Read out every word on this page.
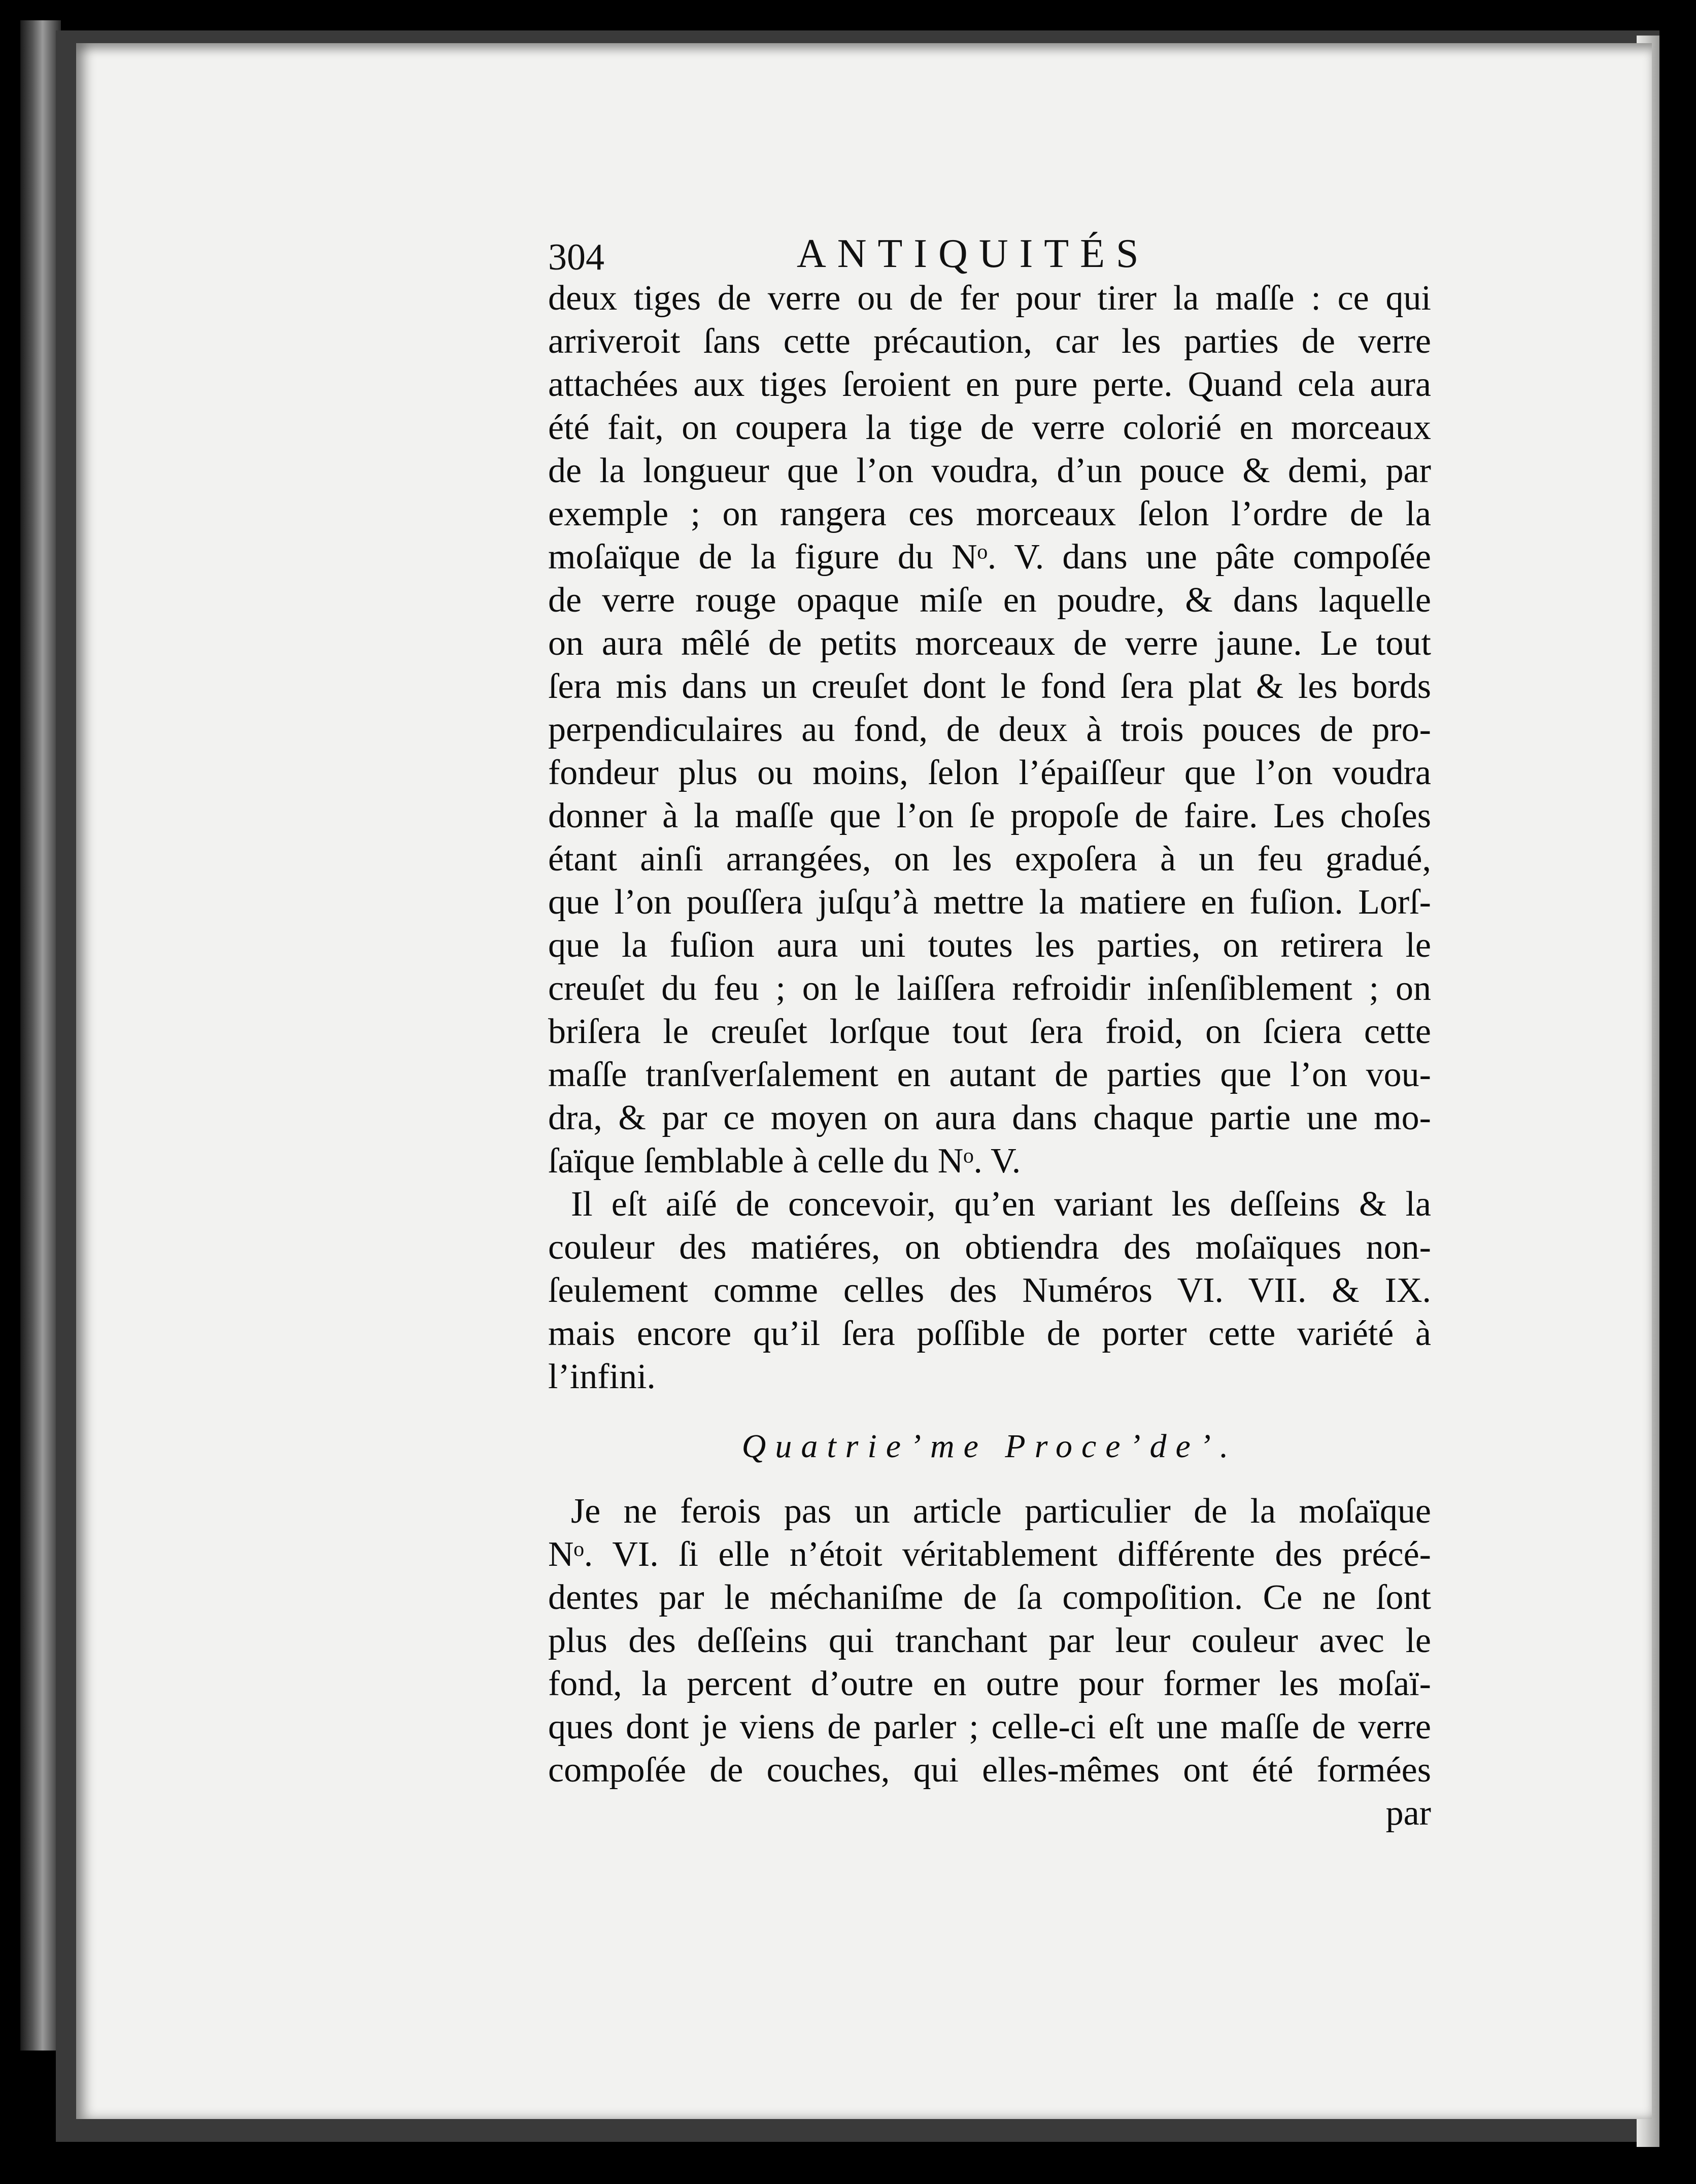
304	ANTIQUITÉS
deux tiges de verre ou de fer pour tirer la maſſe : ce qui
arriveroit ſans cette précaution, car les parties de verre
attachées aux tiges ſeroient en pure perte. Quand cela aura
été fait, on coupera la tige de verre colorié en morceaux
de la longueur que l’on voudra, d’un pouce & demi, par
exemple ; on rangera ces morceaux ſelon l’ordre de la
moſaïque de la figure du Nᵒ. V. dans une pâte compoſée
de verre rouge opaque miſe en poudre, & dans laquelle
on aura mêlé de petits morceaux de verre jaune. Le tout
ſera mis dans un creuſet dont le fond ſera plat & les bords
perpendiculaires au fond, de deux à trois pouces de pro-
fondeur plus ou moins, ſelon l’épaiſſeur que l’on voudra
donner à la maſſe que l’on ſe propoſe de faire. Les choſes
étant ainſi arrangées, on les expoſera à un feu gradué,
que l’on pouſſera juſqu’à mettre la matiere en fuſion. Lorſ-
que la fuſion aura uni toutes les parties, on retirera le
creuſet du feu ; on le laiſſera refroidir inſenſiblement ; on
briſera le creuſet lorſque tout ſera froid, on ſciera cette
maſſe tranſverſalement en autant de parties que l’on vou-
dra, & par ce moyen on aura dans chaque partie une mo-
ſaïque ſemblable à celle du Nᵒ. V.
Il eſt aiſé de concevoir, qu’en variant les deſſeins & la
couleur des matiéres, on obtiendra des moſaïques non-
ſeulement comme celles des Numéros VI. VII. & IX.
mais encore qu’il ſera poſſible de porter cette variété à
l’infini.
Quatrie’me Proce’de’.
Je ne ferois pas un article particulier de la moſaïque
Nᵒ. VI. ſi elle n’étoit véritablement différente des précé-
dentes par le méchaniſme de ſa compoſition. Ce ne ſont
plus des deſſeins qui tranchant par leur couleur avec le
fond, la percent d’outre en outre pour former les moſaï-
ques dont je viens de parler ; celle-ci eſt une maſſe de verre
compoſée de couches, qui elles-mêmes ont été formées
par
